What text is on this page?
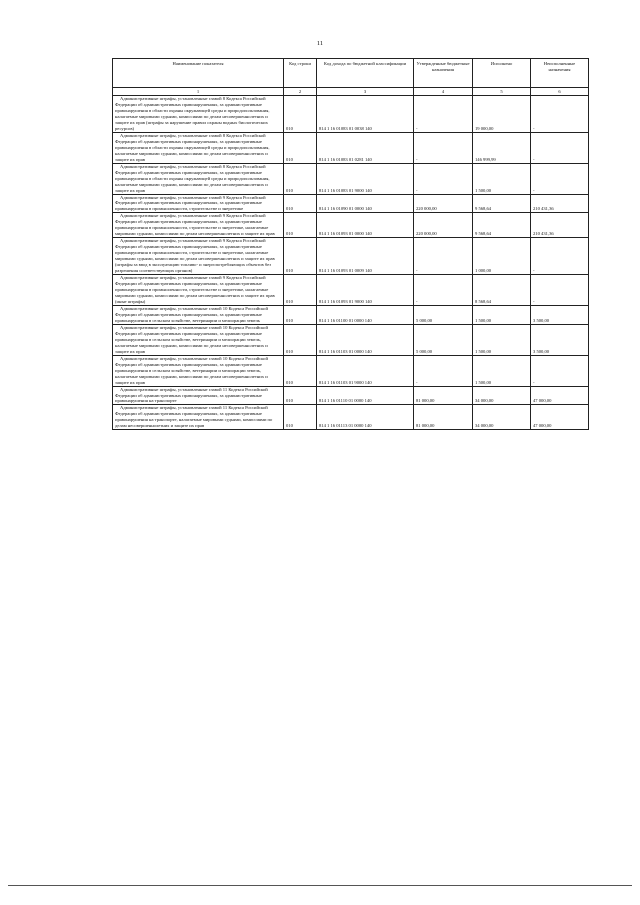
11
Наименование показателя	Код строки	Код дохода по бюджетной классификации	Утвержденные бюджетные назначения	Исполнено	Неисполненные назначения
1	2	3	4	5	6
Административные штрафы, установленные главой 8 Кодекса Российской Федерации об административных правонарушениях, за административные правонарушения в области охраны окружающей среды и природопользования, налагаемые мировыми судьями, комиссиями по делам несовершеннолетних и защите их прав (штрафы за нарушение правил охраны водных биологических ресурсов)	010	814 1 16 01083 01 0038 140	-	19 000,00	-
Административные штрафы, установленные главой 8 Кодекса Российской Федерации об административных правонарушениях, за административные правонарушения в области охраны окружающей среды и природопользования, налагаемые мировыми судьями, комиссиями по делам несовершеннолетних и защите их прав	010	814 1 16 01083 01 0281 140	-	146 999,99	-
Административные штрафы, установленные главой 8 Кодекса Российской Федерации об административных правонарушениях, за административные правонарушения в области охраны окружающей среды и природопользования, налагаемые мировыми судьями, комиссиями по делам несовершеннолетних и защите их прав	010	814 1 16 01083 01 9000 140	-	1 500,00	-
Административные штрафы, установленные главой 9 Кодекса Российской Федерации об административных правонарушениях, за административные правонарушения в промышленности, строительстве и энергетике	010	814 1 16 01090 01 0000 140	220 000,00	9 568,64	210 431,36
Административные штрафы, установленные главой 9 Кодекса Российской Федерации об административных правонарушениях, за административные правонарушения в промышленности, строительстве и энергетике, налагаемые мировыми судьями, комиссиями по делам несовершеннолетних и защите их прав	010	814 1 16 01093 01 0000 140	220 000,00	9 568,64	210 431,36
Административные штрафы, установленные главой 9 Кодекса Российской Федерации об административных правонарушениях, за административные правонарушения в промышленности, строительстве и энергетике, налагаемые мировыми судьями, комиссиями по делам несовершеннолетних и защите их прав (штрафы за ввод в эксплуатацию топливо- и энергопотребляющих объектов без разрешения соответствующих органов)	010	814 1 16 01093 01 0009 140	-	1 000,00	-
Административные штрафы, установленные главой 9 Кодекса Российской Федерации об административных правонарушениях, за административные правонарушения в промышленности, строительстве и энергетике, налагаемые мировыми судьями, комиссиями по делам несовершеннолетних и защите их прав (иные штрафы)	010	814 1 16 01093 01 9000 140	-	8 568,64	-
Административные штрафы, установленные главой 10 Кодекса Российской Федерации об административных правонарушениях, за административные правонарушения в сельском хозяйстве, ветеринарии и мелиорации земель	010	814 1 16 01100 01 0000 140	5 000,00	1 500,00	3 500,00
Административные штрафы, установленные главой 10 Кодекса Российской Федерации об административных правонарушениях, за административные правонарушения в сельском хозяйстве, ветеринарии и мелиорации земель, налагаемые мировыми судьями, комиссиями по делам несовершеннолетних и защите их прав	010	814 1 16 01103 01 0000 140	5 000,00	1 500,00	3 500,00
Административные штрафы, установленные главой 10 Кодекса Российской Федерации об административных правонарушениях, за административные правонарушения в сельском хозяйстве, ветеринарии и мелиорации земель, налагаемые мировыми судьями, комиссиями по делам несовершеннолетних и защите их прав	010	814 1 16 01103 01 9000 140	-	1 500,00	-
Административные штрафы, установленные главой 11 Кодекса Российской Федерации об административных правонарушениях, за административные правонарушения на транспорте	010	814 1 16 01110 01 0000 140	81 000,00	34 000,00	47 000,00
Административные штрафы, установленные главой 11 Кодекса Российской Федерации об административных правонарушениях, за административные правонарушения на транспорте, налагаемые мировыми судьями, комиссиями по делам несовершеннолетних и защите их прав	010	814 1 16 01113 01 0000 140	81 000,00	34 000,00	47 000,00
